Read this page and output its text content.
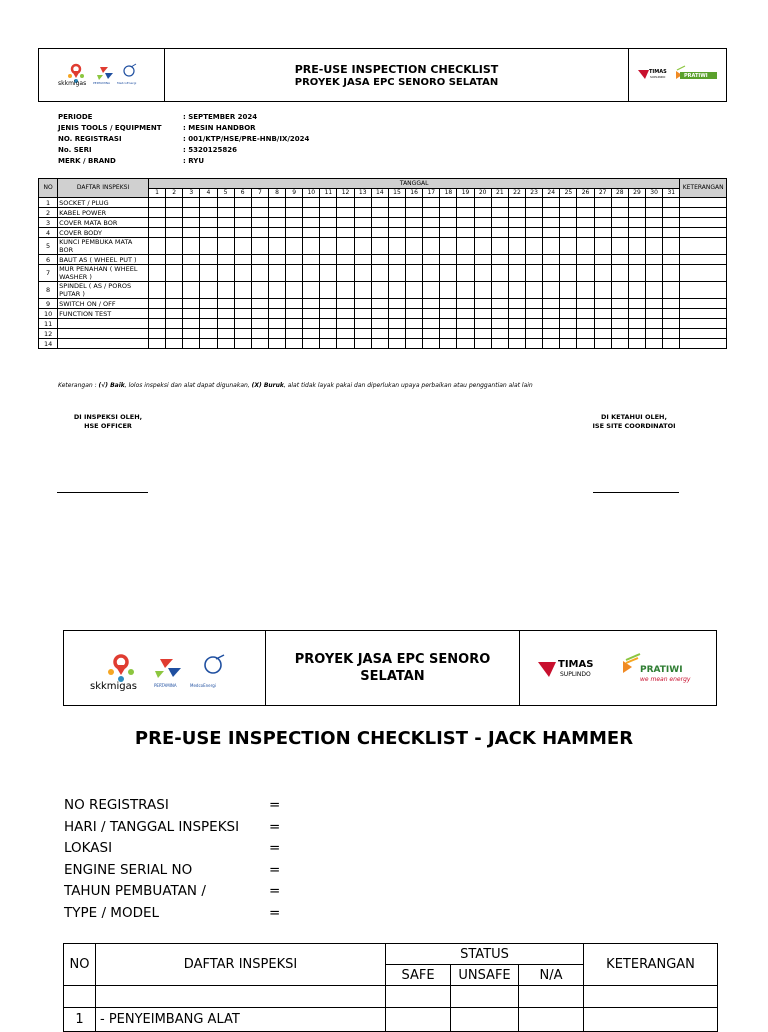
skkmigas PERTAMINA MedcoEnergi
PRE-USE INSPECTION CHECKLIST
PROYEK JASA EPC SENORO SELATAN
TIMAS
SUPLINDO	PRATIWI
PERIODE	: SEPTEMBER 2024
JENIS TOOLS / EQUIPMENT	: MESIN HANDBOR
NO. REGISTRASI	: 001/KTP/HSE/PRE-HNB/IX/2024
No. SERI	: 5320125826
MERK / BRAND	: RYU
NO	DAFTAR INSPEKSI	TANGGAL																															KETERANGAN
		1	2	3	4	5	6	7	8	9	10	11	12	13	14	15	16	17	18	19	20	21	22	23	24	25	26	27	28	29	30	31	
1	SOCKET / PLUG																																
2	KABEL POWER																																
3	COVER MATA BOR																																
4	COVER BODY																																
5	KUNCI PEMBUKA MATA BOR																																
6	BAUT AS ( WHEEL PUT )																																
7	MUR PENAHAN ( WHEEL WASHER )																																
8	SPINDEL ( AS / POROS PUTAR )																																
9	SWITCH ON / OFF																																
10	FUNCTION TEST																																
11																																	
12																																	
14																																	
Keterangan : (√) Baik, lolos inspeksi dan alat dapat digunakan, (X) Buruk, alat tidak layak pakai dan diperlukan upaya perbaikan atau penggantian alat lain
DI INSPEKSI OLEH,
HSE OFFICER
DI KETAHUI OLEH,
ISE SITE COORDINATOI
skkmigas	PERTAMINA	MedcoEnergi
PROYEK JASA EPC SENORO SELATAN
TIMAS
SUPLINDO	PRATIWI
we mean energy
PRE-USE INSPECTION CHECKLIST - JACK HAMMER
NO REGISTRASI	=
HARI / TANGGAL INSPEKSI	=
LOKASI	=
ENGINE SERIAL NO	=
TAHUN PEMBUATAN /	=
TYPE / MODEL	=
NO	DAFTAR INSPEKSI	STATUS			KETERANGAN
		SAFE	UNSAFE	N/A	

1	- PENYEIMBANG ALAT				
